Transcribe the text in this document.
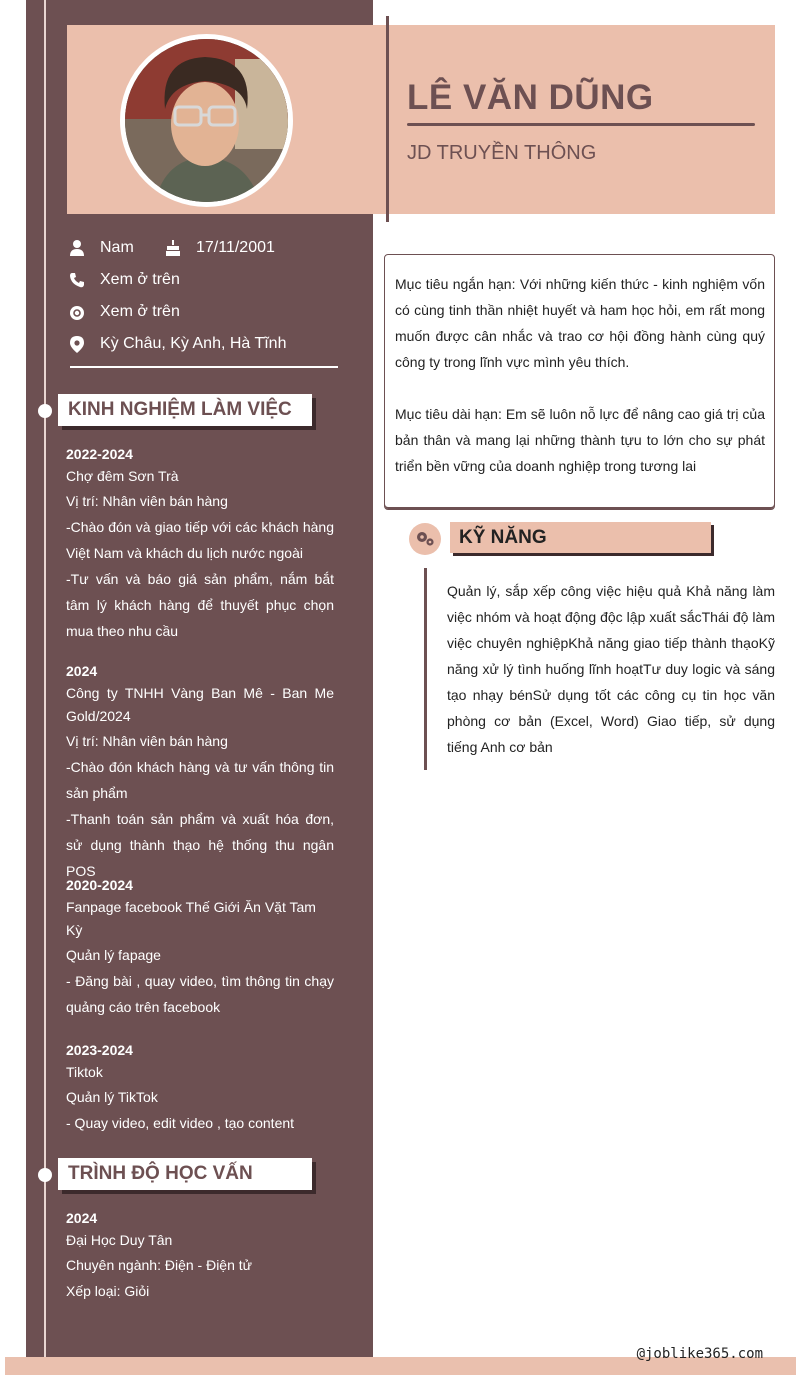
@joblike365.com
LÊ VĂN DŨNG
JD TRUYỀN THÔNG
Nam	17/11/2001
Xem ở trên
Xem ở trên
Kỳ Châu, Kỳ Anh, Hà Tĩnh
KINH NGHIỆM LÀM VIỆC
2022-2024
Chợ đêm Sơn Trà
Vị trí: Nhân viên bán hàng
-Chào đón và giao tiếp với các khách hàng Việt Nam và khách du lịch nước ngoài
-Tư vấn và báo giá sản phẩm, nắm bắt tâm lý khách hàng để thuyết phục chọn mua theo nhu cầu
2024
Công ty TNHH Vàng Ban Mê - Ban Me Gold/2024
Vị trí: Nhân viên bán hàng
-Chào đón khách hàng và tư vấn thông tin sản phẩm
-Thanh toán sản phẩm và xuất hóa đơn, sử dụng thành thạo hệ thống thu ngân POS
2020-2024
Fanpage facebook Thế Giới Ăn Vặt Tam Kỳ
Quản lý fapage
- Đăng bài , quay video, tìm thông tin chạy quảng cáo trên facebook
2023-2024
Tiktok
Quản lý TikTok
- Quay video, edit video , tạo content
TRÌNH ĐỘ HỌC VẤN
2024
Đại Học Duy Tân
Chuyên ngành: Điện - Điện tử
Xếp loại: Giỏi

Mục tiêu ngắn hạn: Với những kiến thức - kinh nghiệm vốn có cùng tinh thần nhiệt huyết và ham học hỏi, em rất mong muốn được cân nhắc và trao cơ hội đồng hành cùng quý công ty trong lĩnh vực mình yêu thích.

Mục tiêu dài hạn: Em sẽ luôn nỗ lực để nâng cao giá trị của bản thân và mang lại những thành tựu to lớn cho sự phát triển bền vững của doanh nghiệp trong tương lai

KỸ NĂNG
Quản lý, sắp xếp công việc hiệu quả Khả năng làm việc nhóm và hoạt động độc lập xuất sắcThái độ làm việc chuyên nghiệpKhả năng giao tiếp thành thạoKỹ năng xử lý tình huống lĩnh hoạtTư duy logic và sáng tạo nhạy bénSử dụng tốt các công cụ tin học văn phòng cơ bản (Excel, Word) Giao tiếp, sử dụng tiếng Anh cơ bản
